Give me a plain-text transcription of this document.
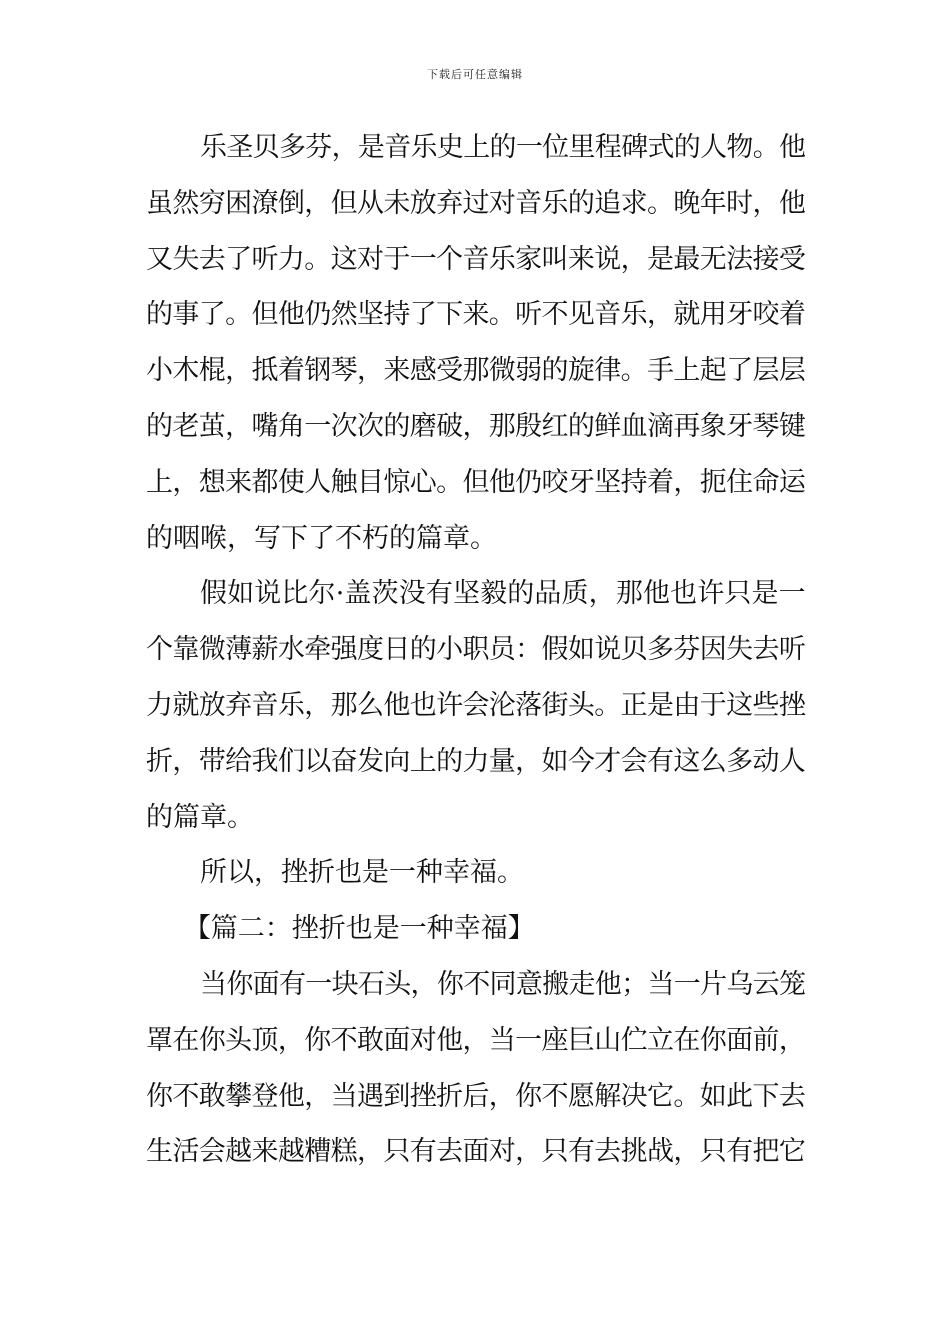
下载后可任意编辑
乐圣贝多芬，是音乐史上的一位里程碑式的人物。他
虽然穷困潦倒，但从未放弃过对音乐的追求。晚年时，他
又失去了听力。这对于一个音乐家叫来说，是最无法接受
的事了。但他仍然坚持了下来。听不见音乐，就用牙咬着
小木棍，抵着钢琴，来感受那微弱的旋律。手上起了层层
的老茧，嘴角一次次的磨破，那殷红的鲜血滴再象牙琴键
上，想来都使人触目惊心。但他仍咬牙坚持着，扼住命运
的咽喉，写下了不朽的篇章。
假如说比尔·盖茨没有坚毅的品质，那他也许只是一
个靠微薄薪水牵强度日的小职员：假如说贝多芬因失去听
力就放弃音乐，那么他也许会沦落街头。正是由于这些挫
折，带给我们以奋发向上的力量，如今才会有这么多动人
的篇章。
所以，挫折也是一种幸福。
【篇二：挫折也是一种幸福】
当你面有一块石头，你不同意搬走他；当一片乌云笼
罩在你头顶，你不敢面对他，当一座巨山伫立在你面前，
你不敢攀登他，当遇到挫折后，你不愿解决它。如此下去
生活会越来越糟糕，只有去面对，只有去挑战，只有把它
